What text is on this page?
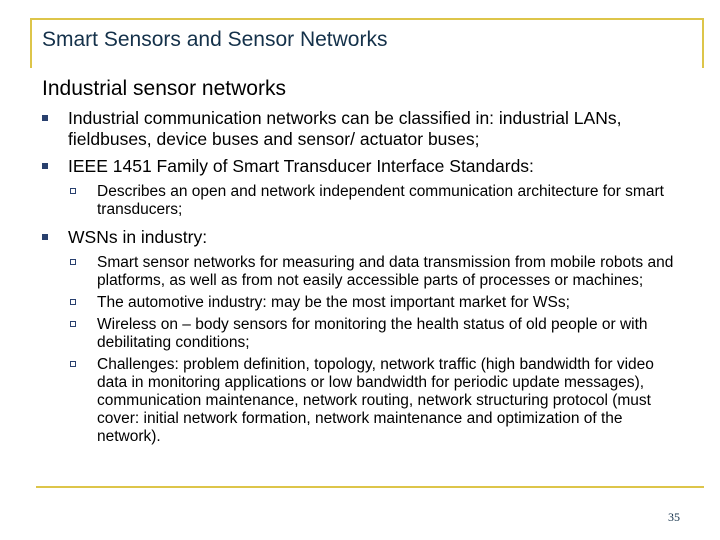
Smart Sensors and Sensor Networks
Industrial sensor networks
Industrial communication networks can be classified in: industrial LANs, fieldbuses, device buses and sensor/ actuator buses;
IEEE 1451 Family of Smart Transducer Interface Standards:
Describes an open and network independent communication architecture for smart transducers;
WSNs in industry:
Smart sensor networks for measuring and data transmission from mobile robots and platforms, as well as from not easily accessible parts of processes or machines;
The automotive industry: may be the most important market for WSs;
Wireless on – body sensors for monitoring the health status of old people or with debilitating conditions;
Challenges: problem definition, topology, network traffic (high bandwidth for video data in monitoring applications or low bandwidth for periodic update messages), communication maintenance, network routing, network structuring protocol (must cover: initial network formation, network maintenance and optimization of the network).
35
